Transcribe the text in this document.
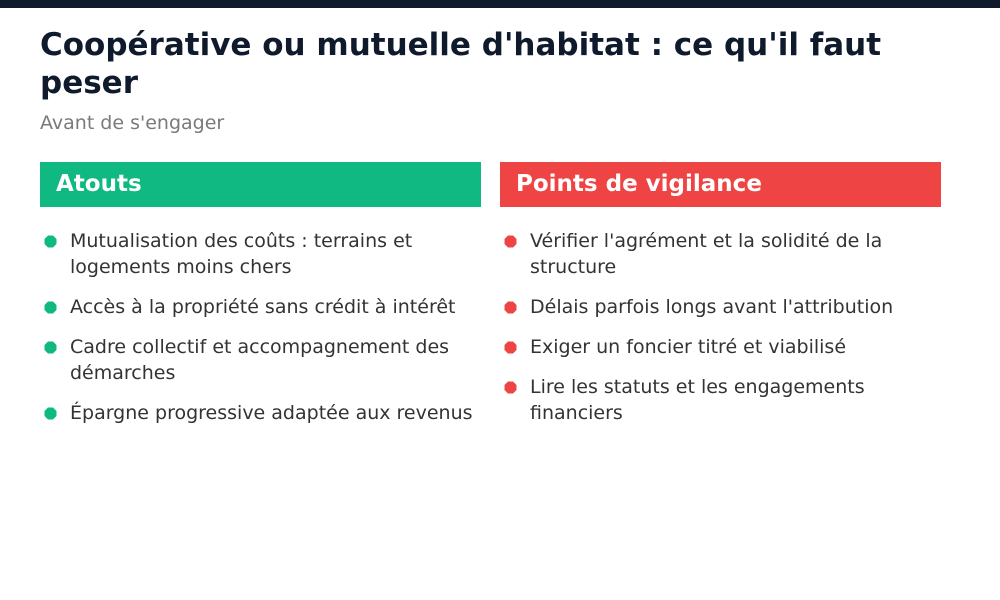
Coopérative ou mutuelle d'habitat : ce qu'il faut peser
Avant de s'engager
Atouts
Mutualisation des coûts : terrains et logements moins chers
Accès à la propriété sans crédit à intérêt
Cadre collectif et accompagnement des démarches
Épargne progressive adaptée aux revenus
Points de vigilance
Vérifier l'agrément et la solidité de la structure
Délais parfois longs avant l'attribution
Exiger un foncier titré et viabilisé
Lire les statuts et les engagements financiers
